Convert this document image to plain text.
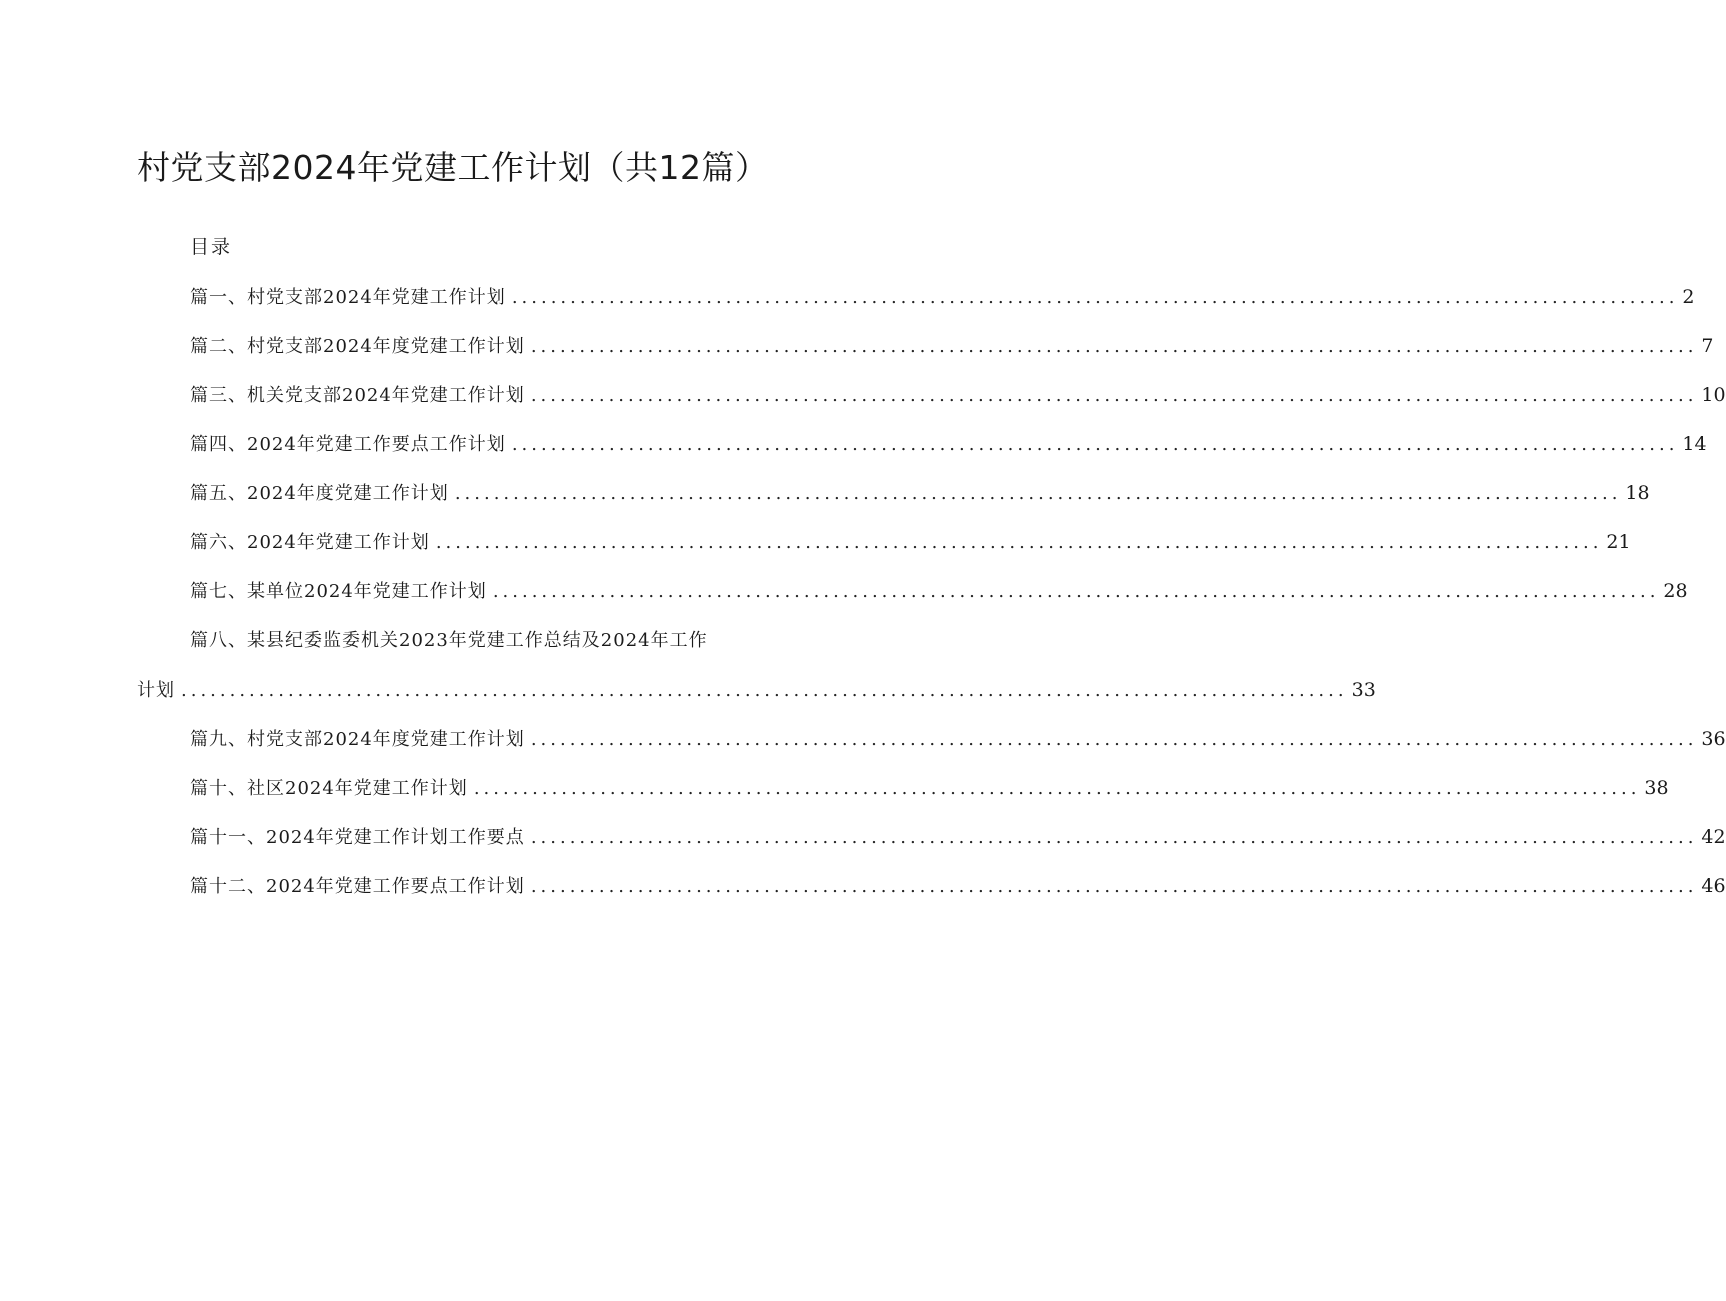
村党支部2024年党建工作计划（共12篇）
目录
篇一、村党支部2024年党建工作计划 ........................................................................................................................ 2
篇二、村党支部2024年度党建工作计划 ........................................................................................................................ 7
篇三、机关党支部2024年党建工作计划 ........................................................................................................................ 10
篇四、2024年党建工作要点工作计划 ........................................................................................................................ 14
篇五、2024年度党建工作计划 ........................................................................................................................ 18
篇六、2024年党建工作计划 ........................................................................................................................ 21
篇七、某单位2024年党建工作计划 ........................................................................................................................ 28
篇八、某县纪委监委机关2023年党建工作总结及2024年工作
计划 ........................................................................................................................ 33
篇九、村党支部2024年度党建工作计划 ........................................................................................................................ 36
篇十、社区2024年党建工作计划 ........................................................................................................................ 38
篇十一、2024年党建工作计划工作要点 ........................................................................................................................ 42
篇十二、2024年党建工作要点工作计划 ........................................................................................................................ 46
